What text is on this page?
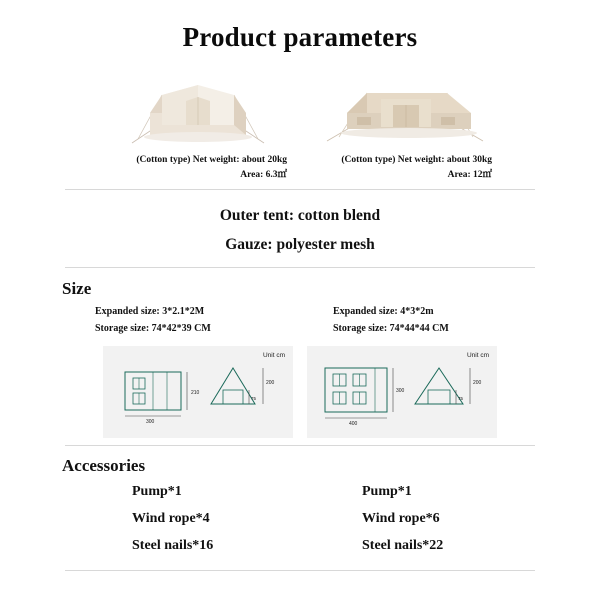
Product parameters
(Cotton type) Net weight: about 20kg
Area: 6.3㎡
(Cotton type) Net weight: about 30kg
Area: 12㎡
Outer tent: cotton blend
Gauze: polyester mesh
Size
Expanded size: 3*2.1*2M
Storage size: 74*42*39 CM
Expanded size: 4*3*2m
Storage size: 74*44*44 CM
Unit cm
210
300
200
75
Unit cm
300
400
200
75
Accessories
Pump*1
Wind rope*4
Steel nails*16
Pump*1
Wind rope*6
Steel nails*22
